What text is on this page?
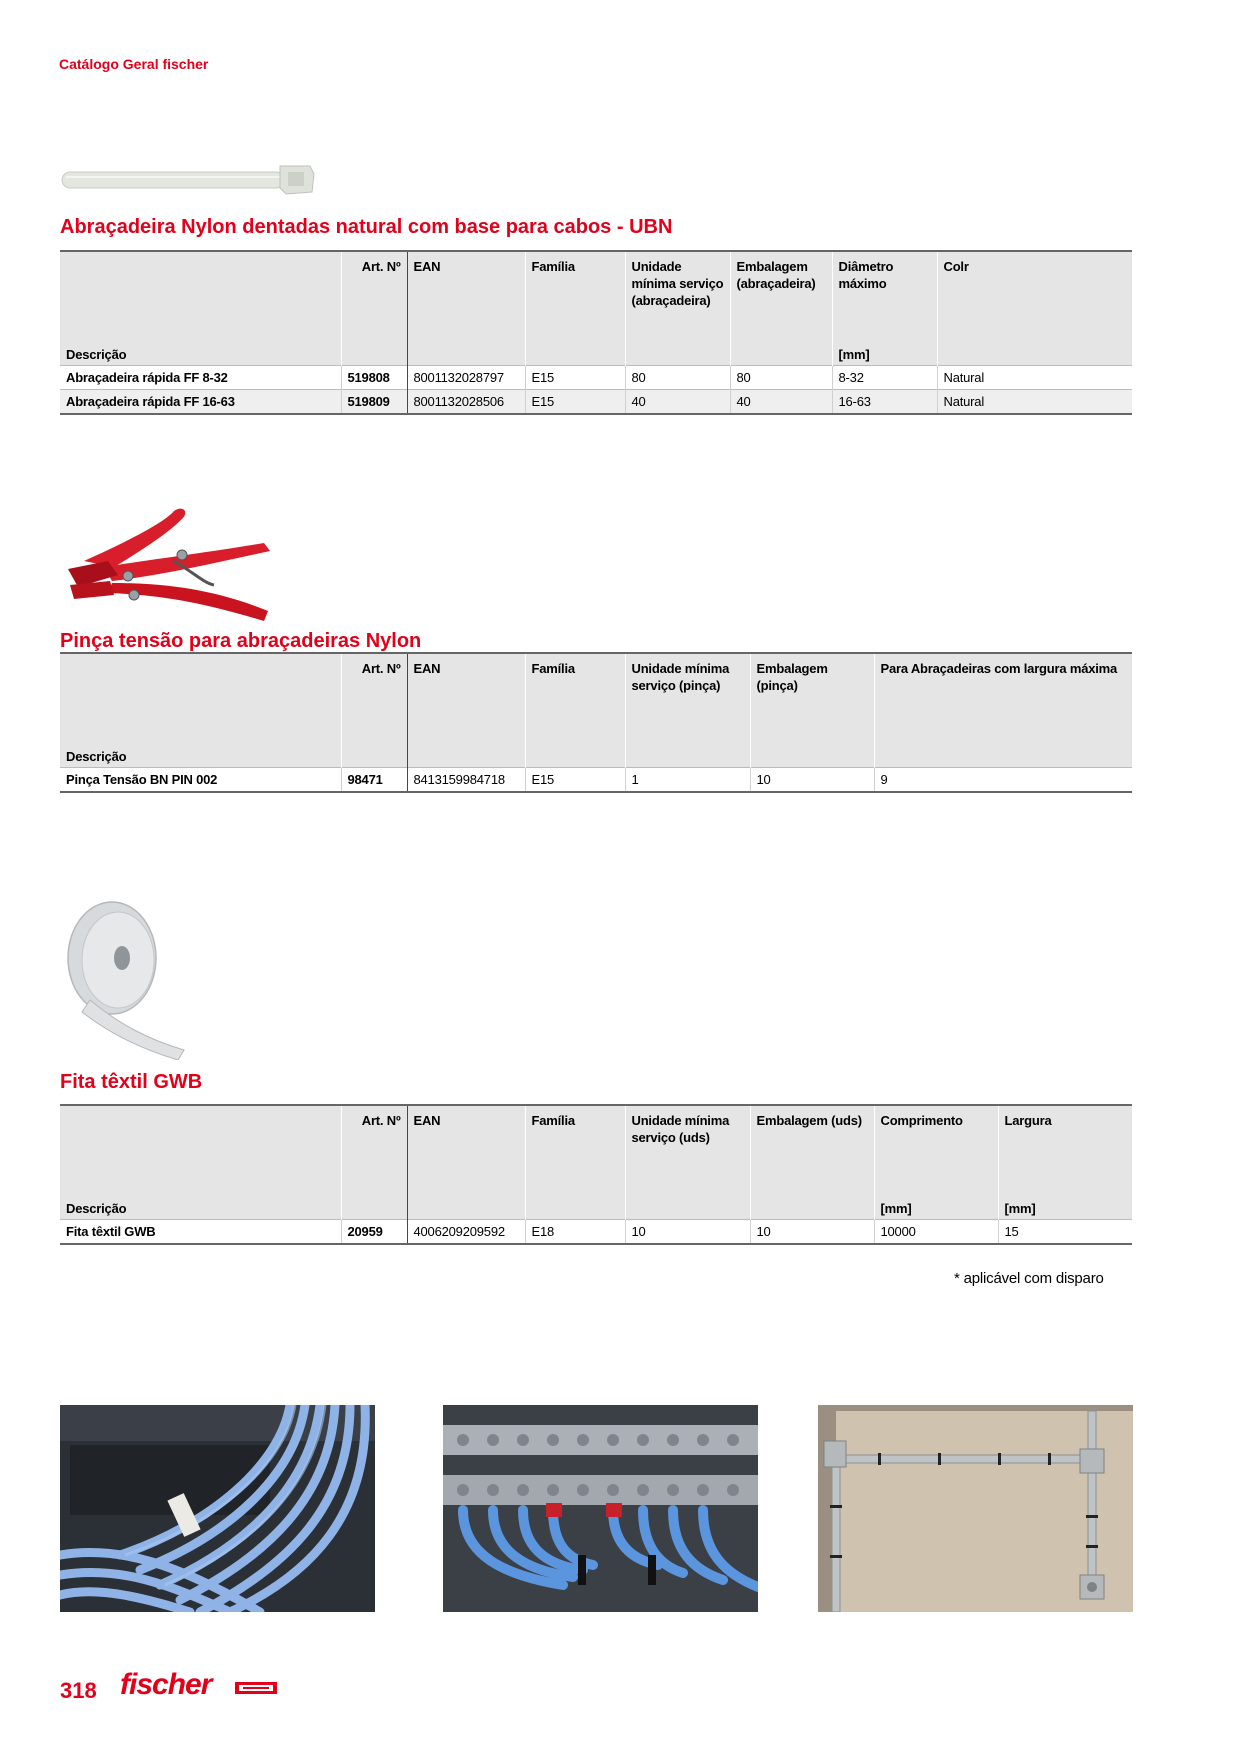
Catálogo Geral fischer
Abraçadeira Nylon dentadas natural com base para cabos - UBN
	Art. Nº	EAN	Família	Unidade mínima serviço (abraçadeira)	Embalagem (abraçadeira)	Diâmetro máximo	Colr
Descrição						[mm]	
Abraçadeira rápida FF 8-32	519808	8001132028797	E15	80	80	8-32	Natural
Abraçadeira rápida FF 16-63	519809	8001132028506	E15	40	40	16-63	Natural
Pinça tensão para abraçadeiras Nylon
	Art. Nº	EAN	Família	Unidade mínima serviço (pinça)	Embalagem (pinça)	Para Abraçadeiras com largura máxima
Descrição						
Pinça Tensão BN PIN 002	98471	8413159984718	E15	1	10	9
Fita têxtil GWB
	Art. Nº	EAN	Família	Unidade mínima serviço (uds)	Embalagem (uds)	Comprimento	Largura
Descrição						[mm]	[mm]
Fita têxtil GWB	20959	4006209209592	E18	10	10	10000	15
* aplicável com disparo
318 fischer
